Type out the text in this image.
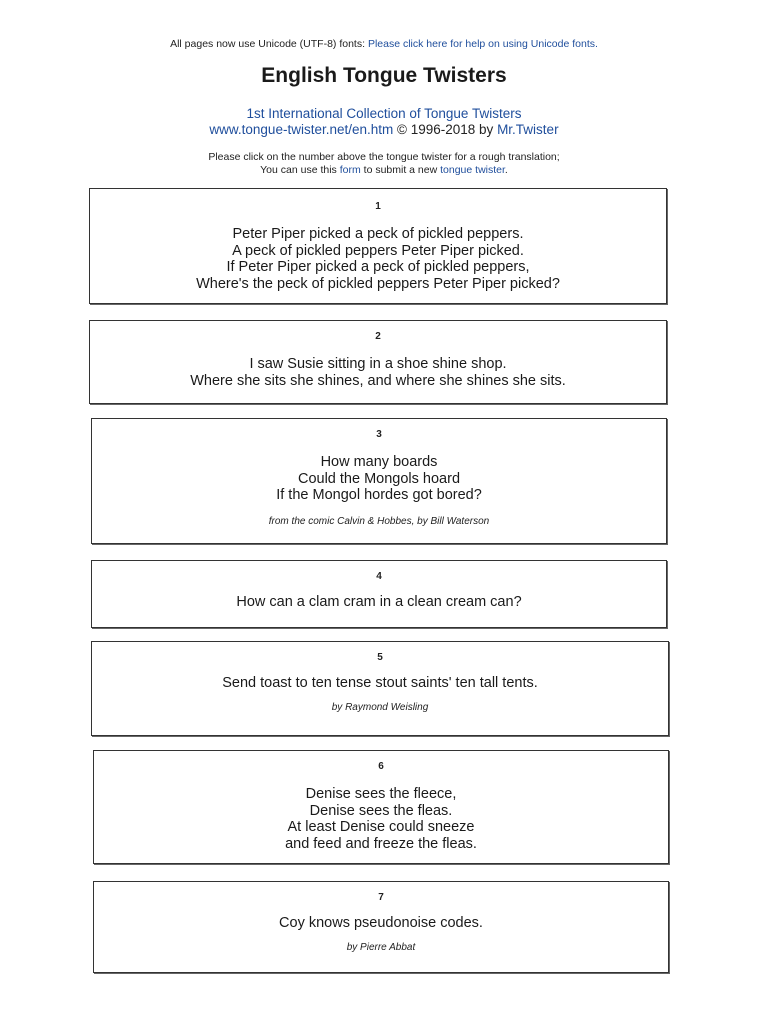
All pages now use Unicode (UTF-8) fonts: Please click here for help on using Unicode fonts.
English Tongue Twisters
1st International Collection of Tongue Twisters
www.tongue-twister.net/en.htm © 1996-2018 by Mr.Twister
Please click on the number above the tongue twister for a rough translation;
You can use this form to submit a new tongue twister.
1
Peter Piper picked a peck of pickled peppers.
A peck of pickled peppers Peter Piper picked.
If Peter Piper picked a peck of pickled peppers,
Where's the peck of pickled peppers Peter Piper picked?
2
I saw Susie sitting in a shoe shine shop.
Where she sits she shines, and where she shines she sits.
3
How many boards
Could the Mongols hoard
If the Mongol hordes got bored?
from the comic Calvin & Hobbes, by Bill Waterson
4
How can a clam cram in a clean cream can?
5
Send toast to ten tense stout saints' ten tall tents.
by Raymond Weisling
6
Denise sees the fleece,
Denise sees the fleas.
At least Denise could sneeze
and feed and freeze the fleas.
7
Coy knows pseudonoise codes.
by Pierre Abbat
